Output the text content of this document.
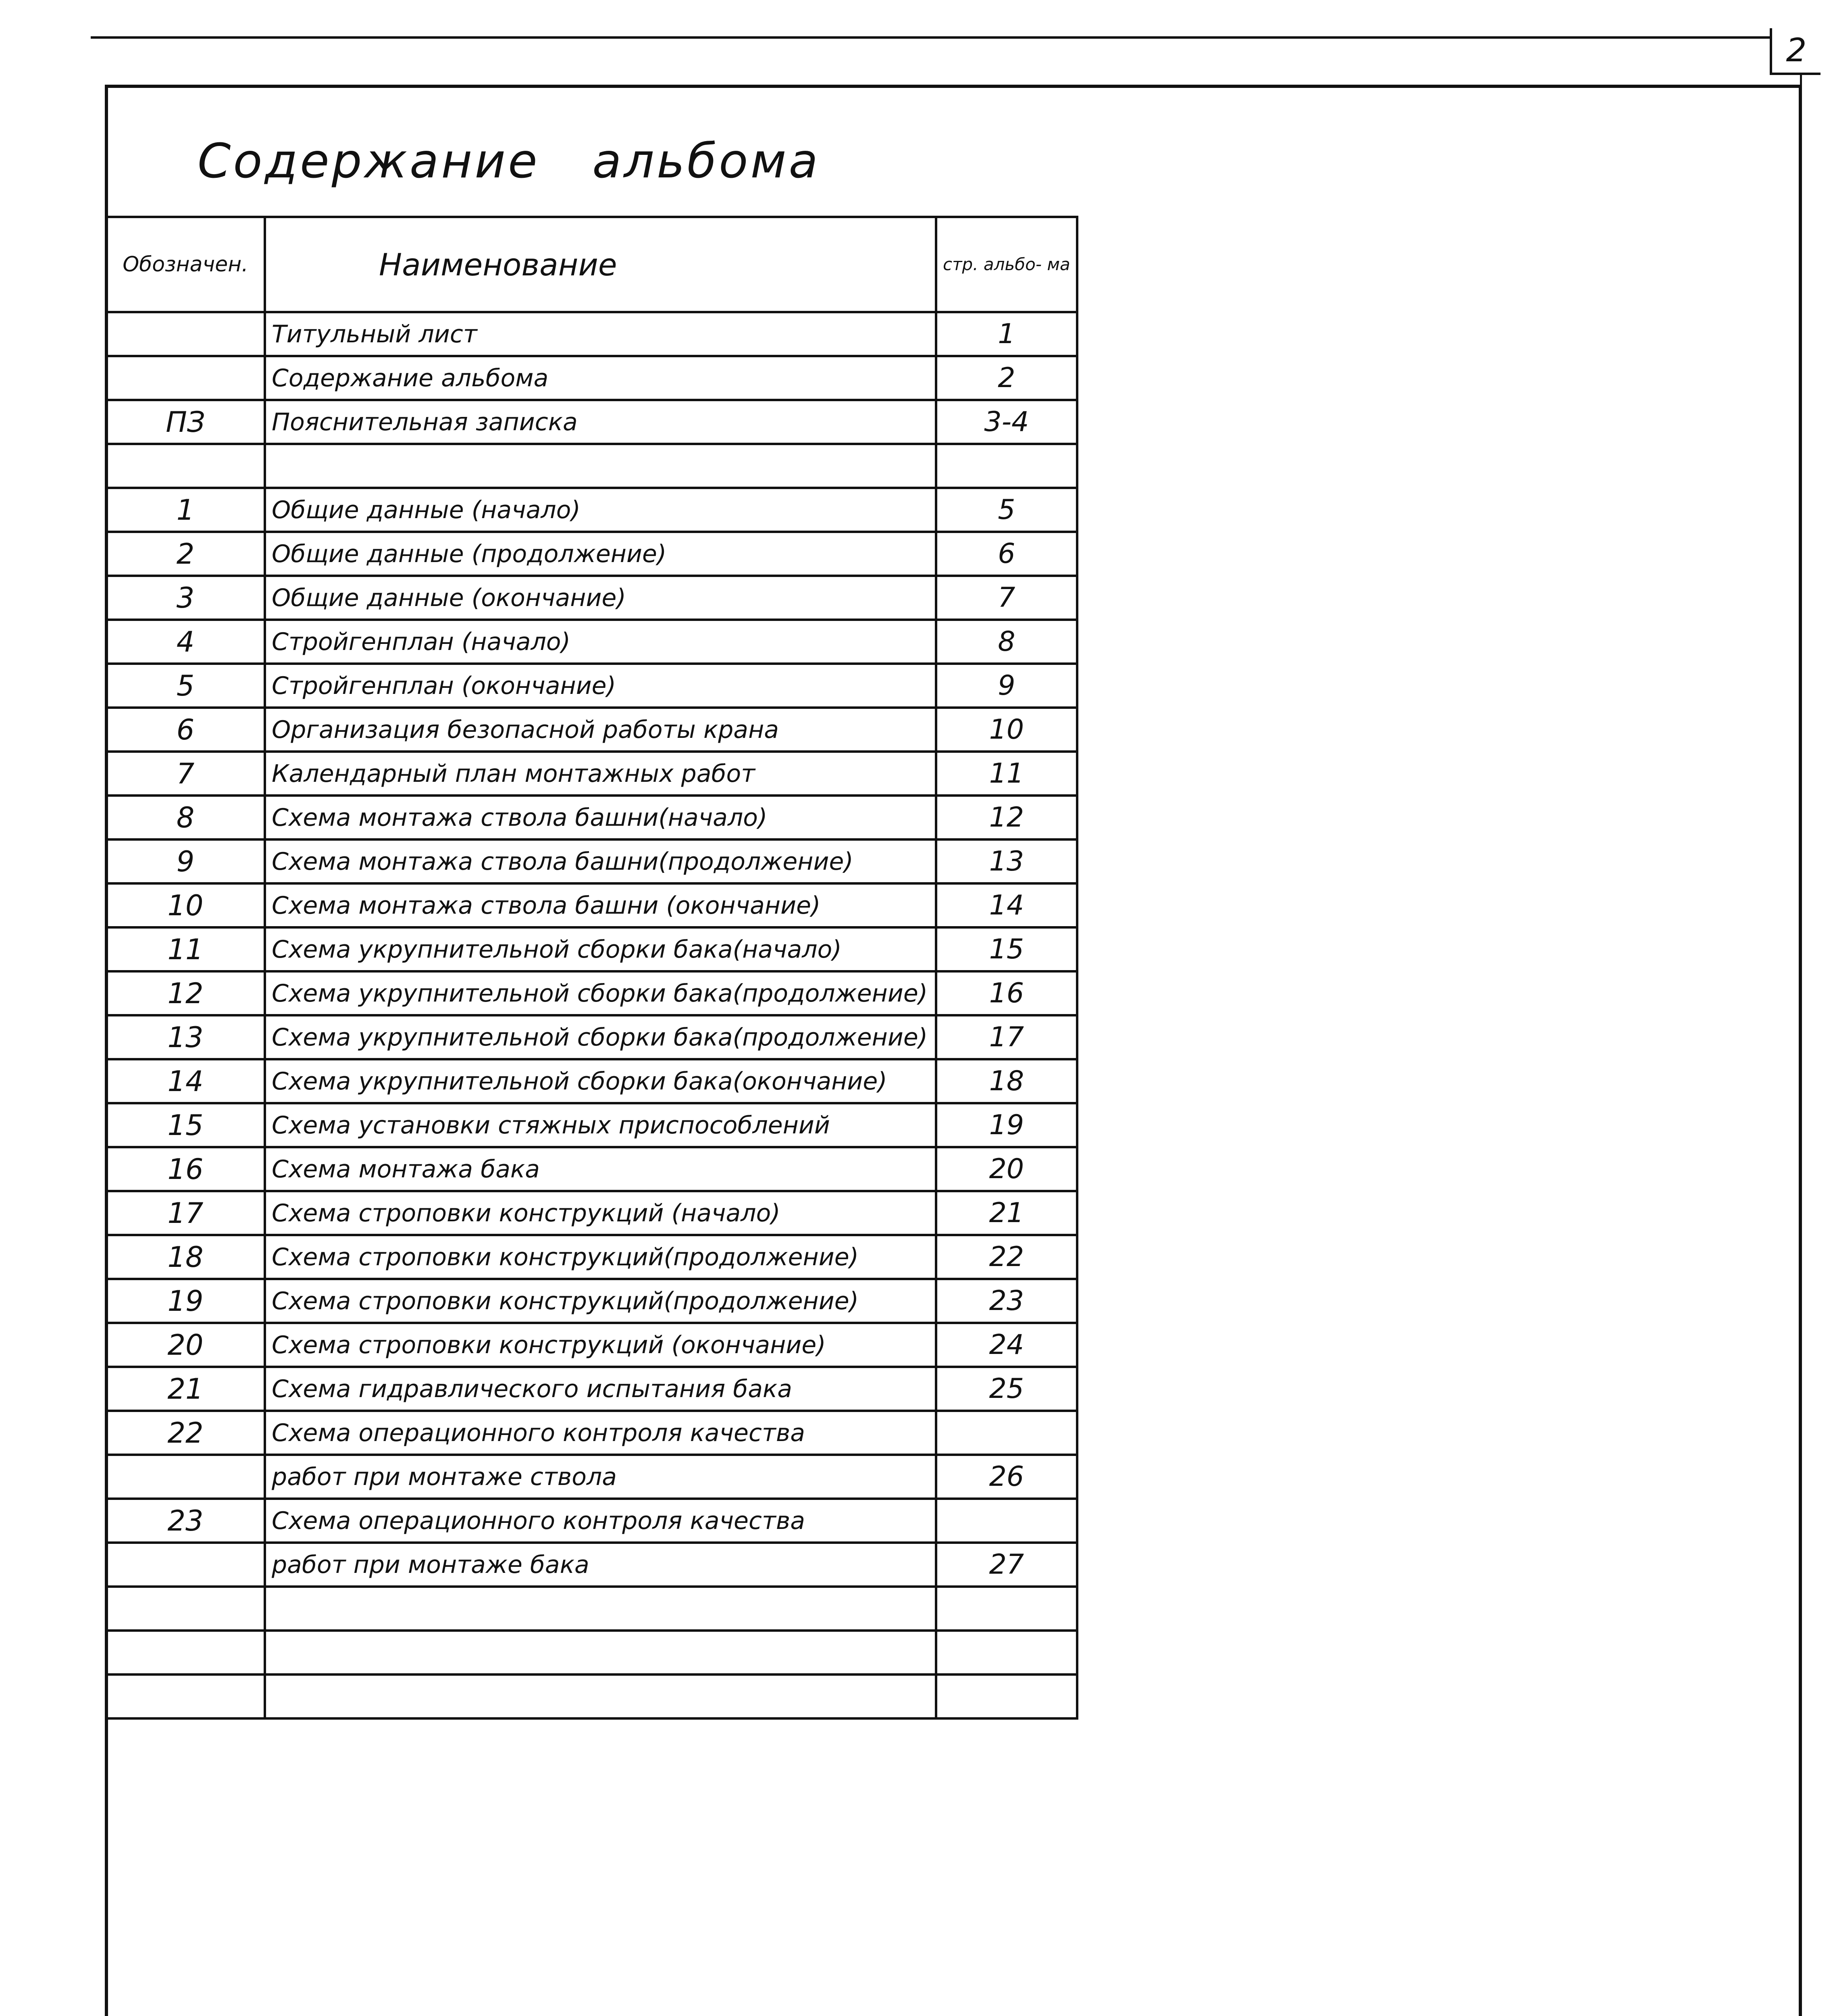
2
Содержание   альбома
Обозначен.	Наименование	стр. альбо- ма
	Титульный лист	1
	Содержание альбома	2
ПЗ	Пояснительная записка	3-4

1	Общие данные (начало)	5
2	Общие данные (продолжение)	6
3	Общие данные (окончание)	7
4	Стройгенплан (начало)	8
5	Стройгенплан (окончание)	9
6	Организация безопасной работы крана	10
7	Календарный план монтажных работ	11
8	Схема монтажа ствола башни(начало)	12
9	Схема монтажа ствола башни(продолжение)	13
10	Схема монтажа ствола башни (окончание)	14
11	Схема укрупнительной сборки бака(начало)	15
12	Схема укрупнительной сборки бака(продолжение)	16
13	Схема укрупнительной сборки бака(продолжение)	17
14	Схема укрупнительной сборки бака(окончание)	18
15	Схема установки стяжных приспособлений	19
16	Схема монтажа бака	20
17	Схема строповки конструкций (начало)	21
18	Схема строповки конструкций(продолжение)	22
19	Схема строповки конструкций(продолжение)	23
20	Схема строповки конструкций (окончание)	24
21	Схема гидравлического испытания бака	25
22	Схема операционного контроля качества	
	работ при монтаже ствола	26
23	Схема операционного контроля качества	
	работ при монтаже бака	27
